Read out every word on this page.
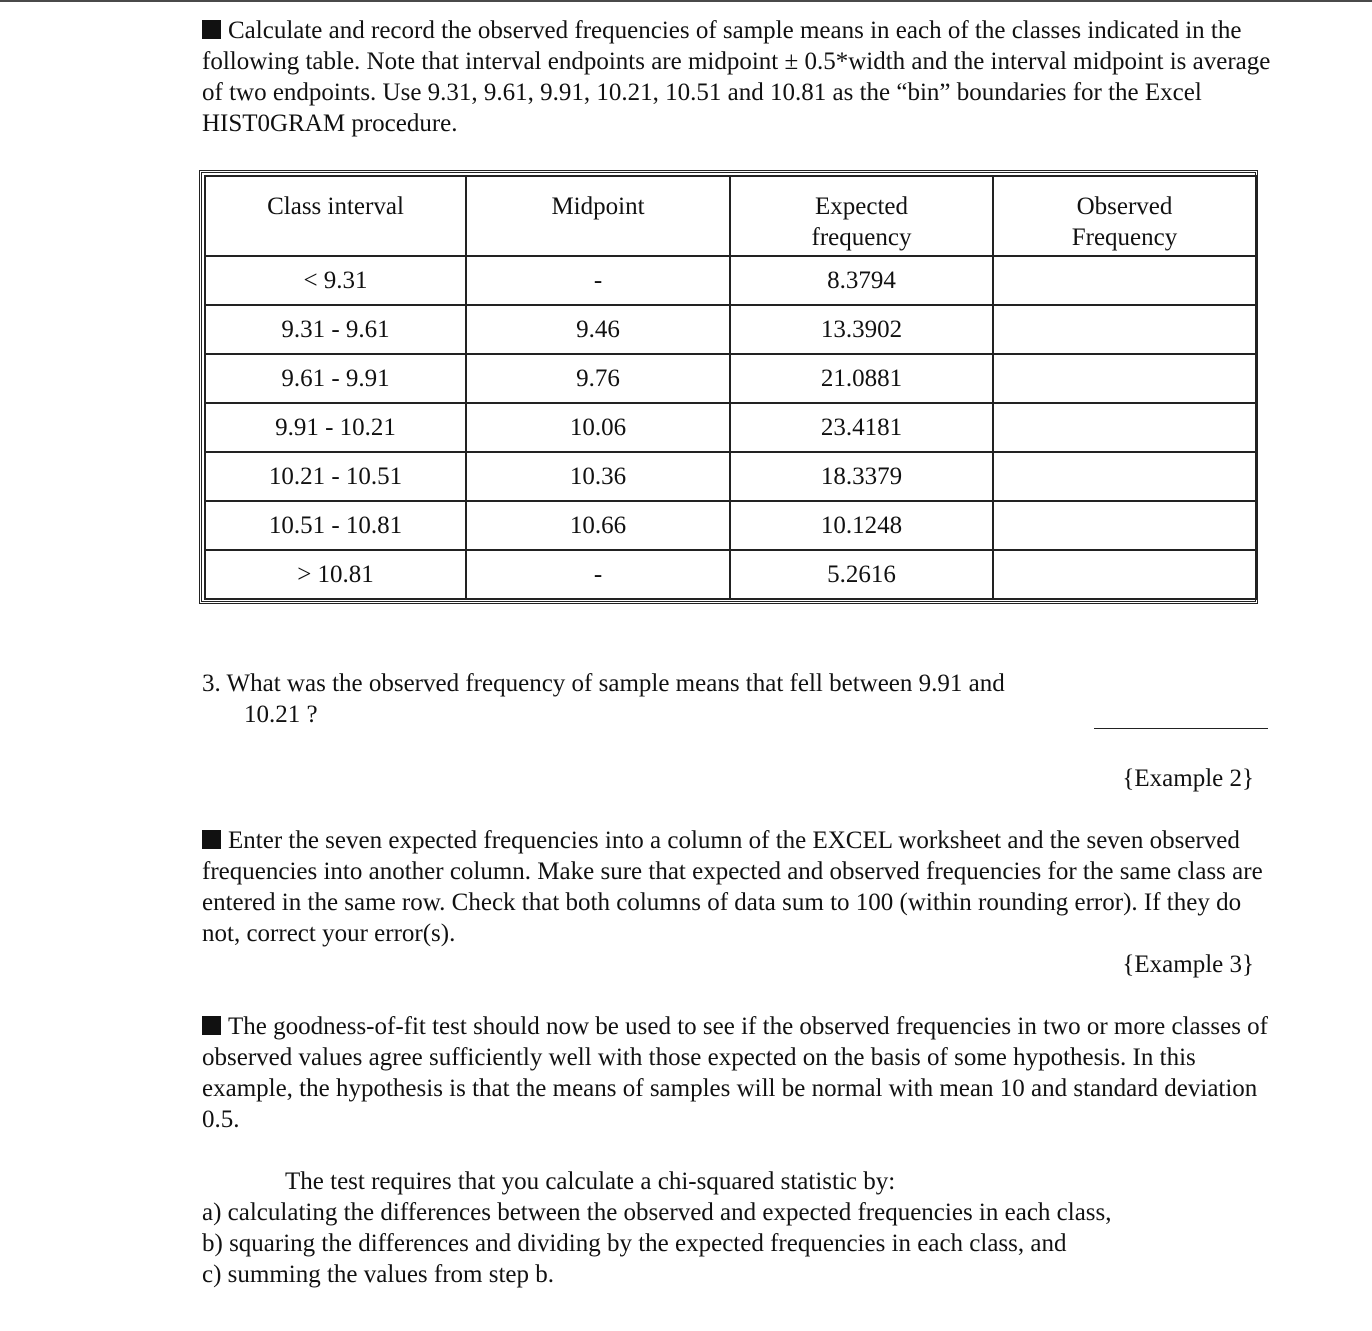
Calculate and record the observed frequencies of sample means in each of the classes indicated in the following table. Note that interval endpoints are midpoint ± 0.5*width and the interval midpoint is average of two endpoints. Use 9.31, 9.61, 9.91, 10.21, 10.51 and 10.81 as the “bin” boundaries for the Excel HIST0GRAM procedure.

Class interval	Midpoint	Expected frequency	Observed Frequency
< 9.31	-	8.3794	
9.31 - 9.61	9.46	13.3902	
9.61 - 9.91	9.76	21.0881	
9.91 - 10.21	10.06	23.4181	
10.21 - 10.51	10.36	18.3379	
10.51 - 10.81	10.66	10.1248	
> 10.81	-	5.2616	
3. What was the observed frequency of sample means that fell between 9.91 and
10.21 ?

{Example 2}

Enter the seven expected frequencies into a column of the EXCEL worksheet and the seven observed frequencies into another column. Make sure that expected and observed frequencies for the same class are entered in the same row. Check that both columns of data sum to 100 (within rounding error). If they do not, correct your error(s).

{Example 3}

The goodness-of-fit test should now be used to see if the observed frequencies in two or more classes of observed values agree sufficiently well with those expected on the basis of some hypothesis. In this example, the hypothesis is that the means of samples will be normal with mean 10 and standard deviation 0.5.

The test requires that you calculate a chi-squared statistic by:
a) calculating the differences between the observed and expected frequencies in each class,
b) squaring the differences and dividing by the expected frequencies in each class, and
c) summing the values from step b.
